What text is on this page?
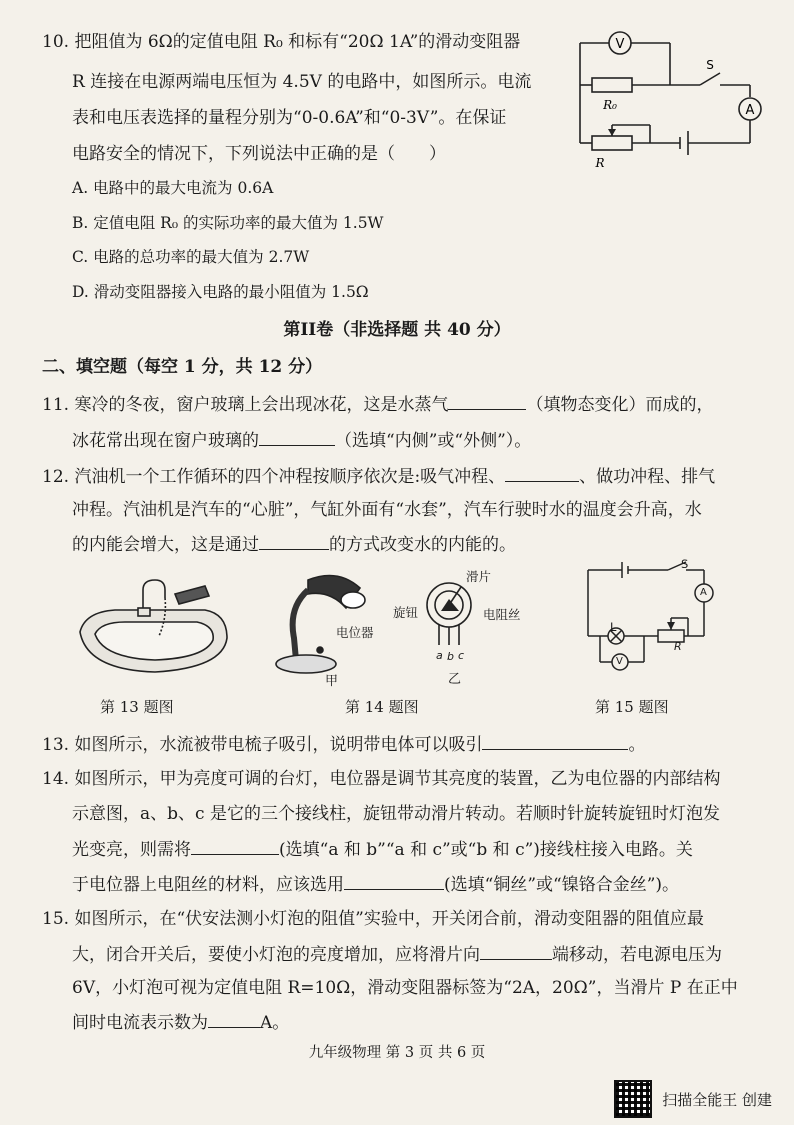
10. 把阻值为 6Ω的定值电阻 R₀ 和标有“20Ω 1A”的滑动变阻器
R 连接在电源两端电压恒为 4.5V 的电路中，如图所示。电流
表和电压表选择的量程分别为“0-0.6A”和“0-3V”。在保证
电路安全的情况下，下列说法中正确的是（　　）
A. 电路中的最大电流为 0.6A
B. 定值电阻 R₀ 的实际功率的最大值为 1.5W
C. 电路的总功率的最大值为 2.7W
D. 滑动变阻器接入电路的最小阻值为 1.5Ω
V
S
R₀	A
R
第II卷（非选择题 共 40 分）
二、填空题（每空 1 分，共 12 分）
11. 寒冷的冬夜，窗户玻璃上会出现冰花，这是水蒸气	（填物态变化）而成的，
冰花常出现在窗户玻璃的	（选填“内侧”或“外侧”）。
12. 汽油机一个工作循环的四个冲程按顺序依次是:吸气冲程、	、做功冲程、排气
冲程。汽油机是汽车的“心脏”，气缸外面有“水套”，汽车行驶时水的温度会升高，水
的内能会增大，这是通过	的方式改变水的内能的。
电位器
甲
滑片
旋钮	电阻丝
a b c
乙
S
A
L
V
R
第 13 题图	第 14 题图	第 15 题图
13. 如图所示，水流被带电梳子吸引，说明带电体可以吸引	。
14. 如图所示，甲为亮度可调的台灯，电位器是调节其亮度的装置，乙为电位器的内部结构
示意图，a、b、c 是它的三个接线柱，旋钮带动滑片转动。若顺时针旋转旋钮时灯泡发
光变亮，则需将	(选填“a 和 b”“a 和 c”或“b 和 c”)接线柱接入电路。关
于电位器上电阻丝的材料，应该选用	(选填“铜丝”或“镍铬合金丝”)。
15. 如图所示，在“伏安法测小灯泡的阻值”实验中，开关闭合前，滑动变阻器的阻值应最
大，闭合开关后，要使小灯泡的亮度增加，应将滑片向	端移动，若电源电压为
6V，小灯泡可视为定值电阻 R=10Ω，滑动变阻器标签为“2A，20Ω”，当滑片 P 在正中
间时电流表示数为	A。
九年级物理 第 3 页 共 6 页
扫描全能王 创建
